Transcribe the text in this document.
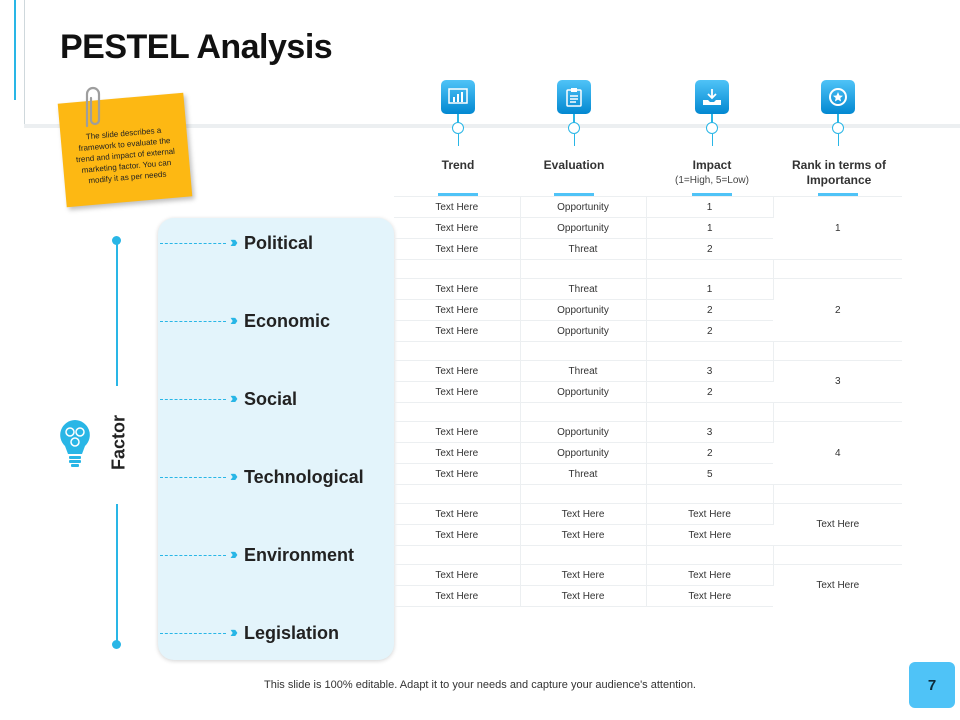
PESTEL Analysis
The slide describes a framework to evaluate the trend and impact of external marketing factor. You can modify it as per needs
Trend	Evaluation	Impact
(1=High, 5=Low)
Rank in terms of Importance
Factor
››› Political
››› Economic
››› Social
››› Technological
››› Environment
››› Legislation
Text Here	Opportunity	1	1
Text Here	Opportunity	1	
Text Here	Threat	2	

Text Here	Threat	1	2
Text Here	Opportunity	2	
Text Here	Opportunity	2	

Text Here	Threat	3	3
Text Here	Opportunity	2	

Text Here	Opportunity	3	4
Text Here	Opportunity	2	
Text Here	Threat	5	

Text Here	Text Here	Text Here	Text Here
Text Here	Text Here	Text Here	

Text Here	Text Here	Text Here	Text Here
Text Here	Text Here	Text Here	
This slide is 100% editable. Adapt it to your needs and capture your audience's attention.	7
